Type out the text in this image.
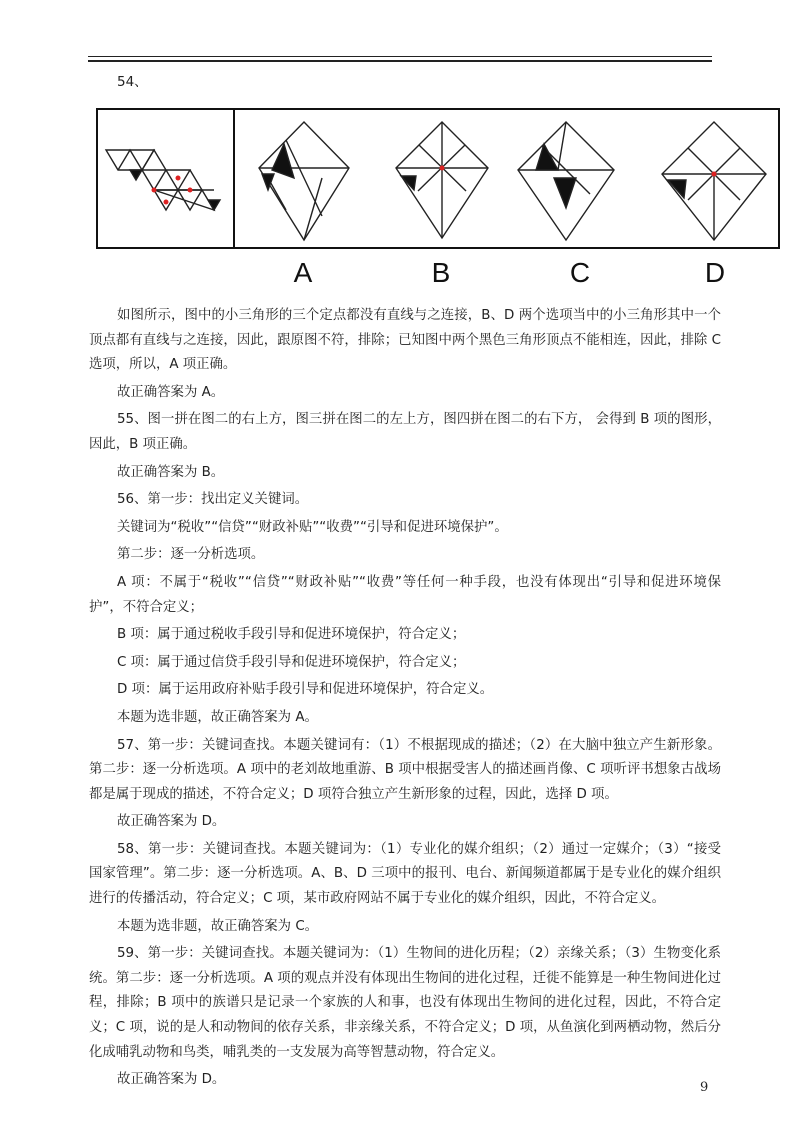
54、
A	B	C	D

如图所示，图中的小三角形的三个定点都没有直线与之连接，B、D 两个选项当中的小三角形其中一个顶点都有直线与之连接，因此，跟原图不符，排除；已知图中两个黑色三角形顶点不能相连，因此，排除 C 选项，所以，A 项正确。

故正确答案为 A。

55、图一拼在图二的右上方，图三拼在图二的左上方，图四拼在图二的右下方， 会得到 B 项的图形，因此，B 项正确。

故正确答案为 B。

56、第一步：找出定义关键词。

关键词为“税收”“信贷”“财政补贴”“收费”“引导和促进环境保护”。

第二步：逐一分析选项。

A 项：不属于“税收”“信贷”“财政补贴”“收费”等任何一种手段，也没有体现出“引导和促进环境保护”，不符合定义；

B 项：属于通过税收手段引导和促进环境保护，符合定义；

C 项：属于通过信贷手段引导和促进环境保护，符合定义；

D 项：属于运用政府补贴手段引导和促进环境保护，符合定义。

本题为选非题，故正确答案为 A。

57、第一步：关键词查找。本题关键词有：（1）不根据现成的描述；（2）在大脑中独立产生新形象。第二步：逐一分析选项。A 项中的老刘故地重游、B 项中根据受害人的描述画肖像、C 项听评书想象古战场都是属于现成的描述，不符合定义；D 项符合独立产生新形象的过程，因此，选择 D 项。

故正确答案为 D。

58、第一步：关键词查找。本题关键词为：（1）专业化的媒介组织；（2）通过一定媒介；（3）“接受国家管理”。第二步：逐一分析选项。A、B、D 三项中的报刊、电台、新闻频道都属于是专业化的媒介组织进行的传播活动，符合定义；C 项，某市政府网站不属于专业化的媒介组织，因此，不符合定义。

本题为选非题，故正确答案为 C。

59、第一步：关键词查找。本题关键词为：（1）生物间的进化历程；（2）亲缘关系；（3）生物变化系统。第二步：逐一分析选项。A 项的观点并没有体现出生物间的进化过程，迁徙不能算是一种生物间进化过程，排除；B 项中的族谱只是记录一个家族的人和事，也没有体现出生物间的进化过程，因此，不符合定义；C 项，说的是人和动物间的依存关系，非亲缘关系，不符合定义；D 项，从鱼演化到两栖动物，然后分化成哺乳动物和鸟类，哺乳类的一支发展为高等智慧动物，符合定义。

故正确答案为 D。

9
